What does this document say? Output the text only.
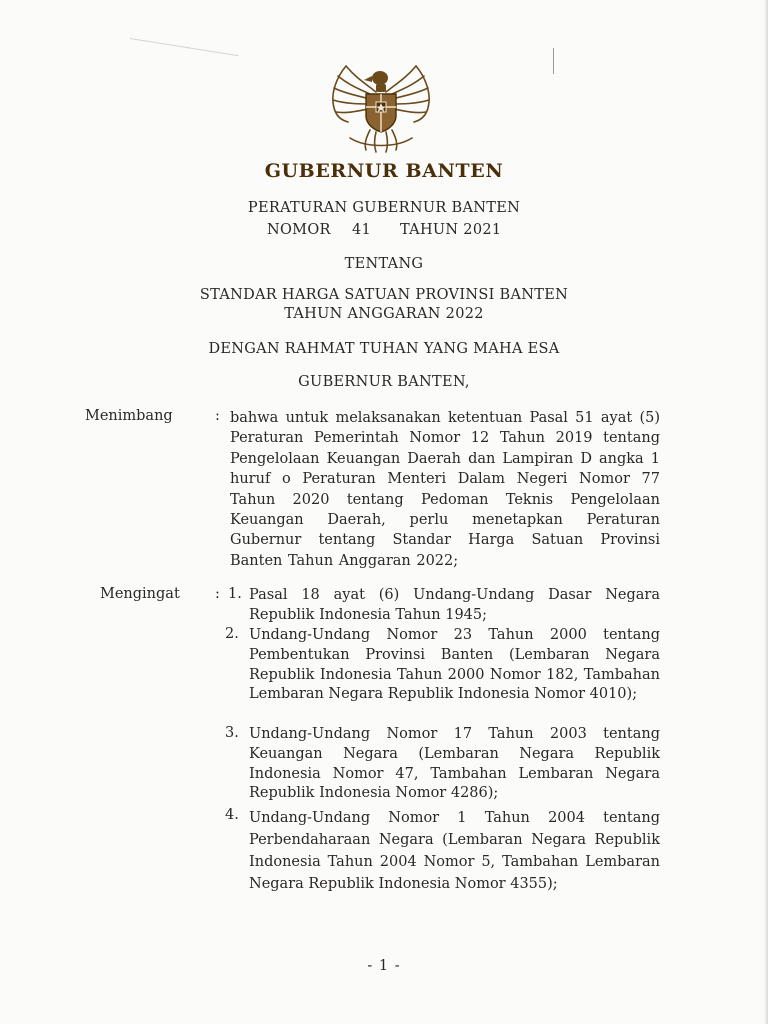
GUBERNUR BANTEN
PERATURAN GUBERNUR BANTEN
NOMOR 41 TAHUN 2021
TENTANG
STANDAR HARGA SATUAN PROVINSI BANTEN
TAHUN ANGGARAN 2022
DENGAN RAHMAT TUHAN YANG MAHA ESA
GUBERNUR BANTEN,
Menimbang	: bahwa untuk melaksanakan ketentuan Pasal 51 ayat (5) Peraturan Pemerintah Nomor 12 Tahun 2019 tentang Pengelolaan Keuangan Daerah dan Lampiran D angka 1 huruf o Peraturan Menteri Dalam Negeri Nomor 77 Tahun 2020 tentang Pedoman Teknis Pengelolaan Keuangan Daerah, perlu menetapkan Peraturan Gubernur tentang Standar Harga Satuan Provinsi Banten Tahun Anggaran 2022;
Mengingat : 1. Pasal 18 ayat (6) Undang-Undang Dasar Negara Republik Indonesia Tahun 1945;
2. Undang-Undang Nomor 23 Tahun 2000 tentang Pembentukan Provinsi Banten (Lembaran Negara Republik Indonesia Tahun 2000 Nomor 182, Tambahan Lembaran Negara Republik Indonesia Nomor 4010);
3. Undang-Undang Nomor 17 Tahun 2003 tentang Keuangan Negara (Lembaran Negara Republik Indonesia Nomor 47, Tambahan Lembaran Negara Republik Indonesia Nomor 4286);
4. Undang-Undang Nomor 1 Tahun 2004 tentang Perbendaharaan Negara (Lembaran Negara Republik Indonesia Tahun 2004 Nomor 5, Tambahan Lembaran Negara Republik Indonesia Nomor 4355);
- 1 -
